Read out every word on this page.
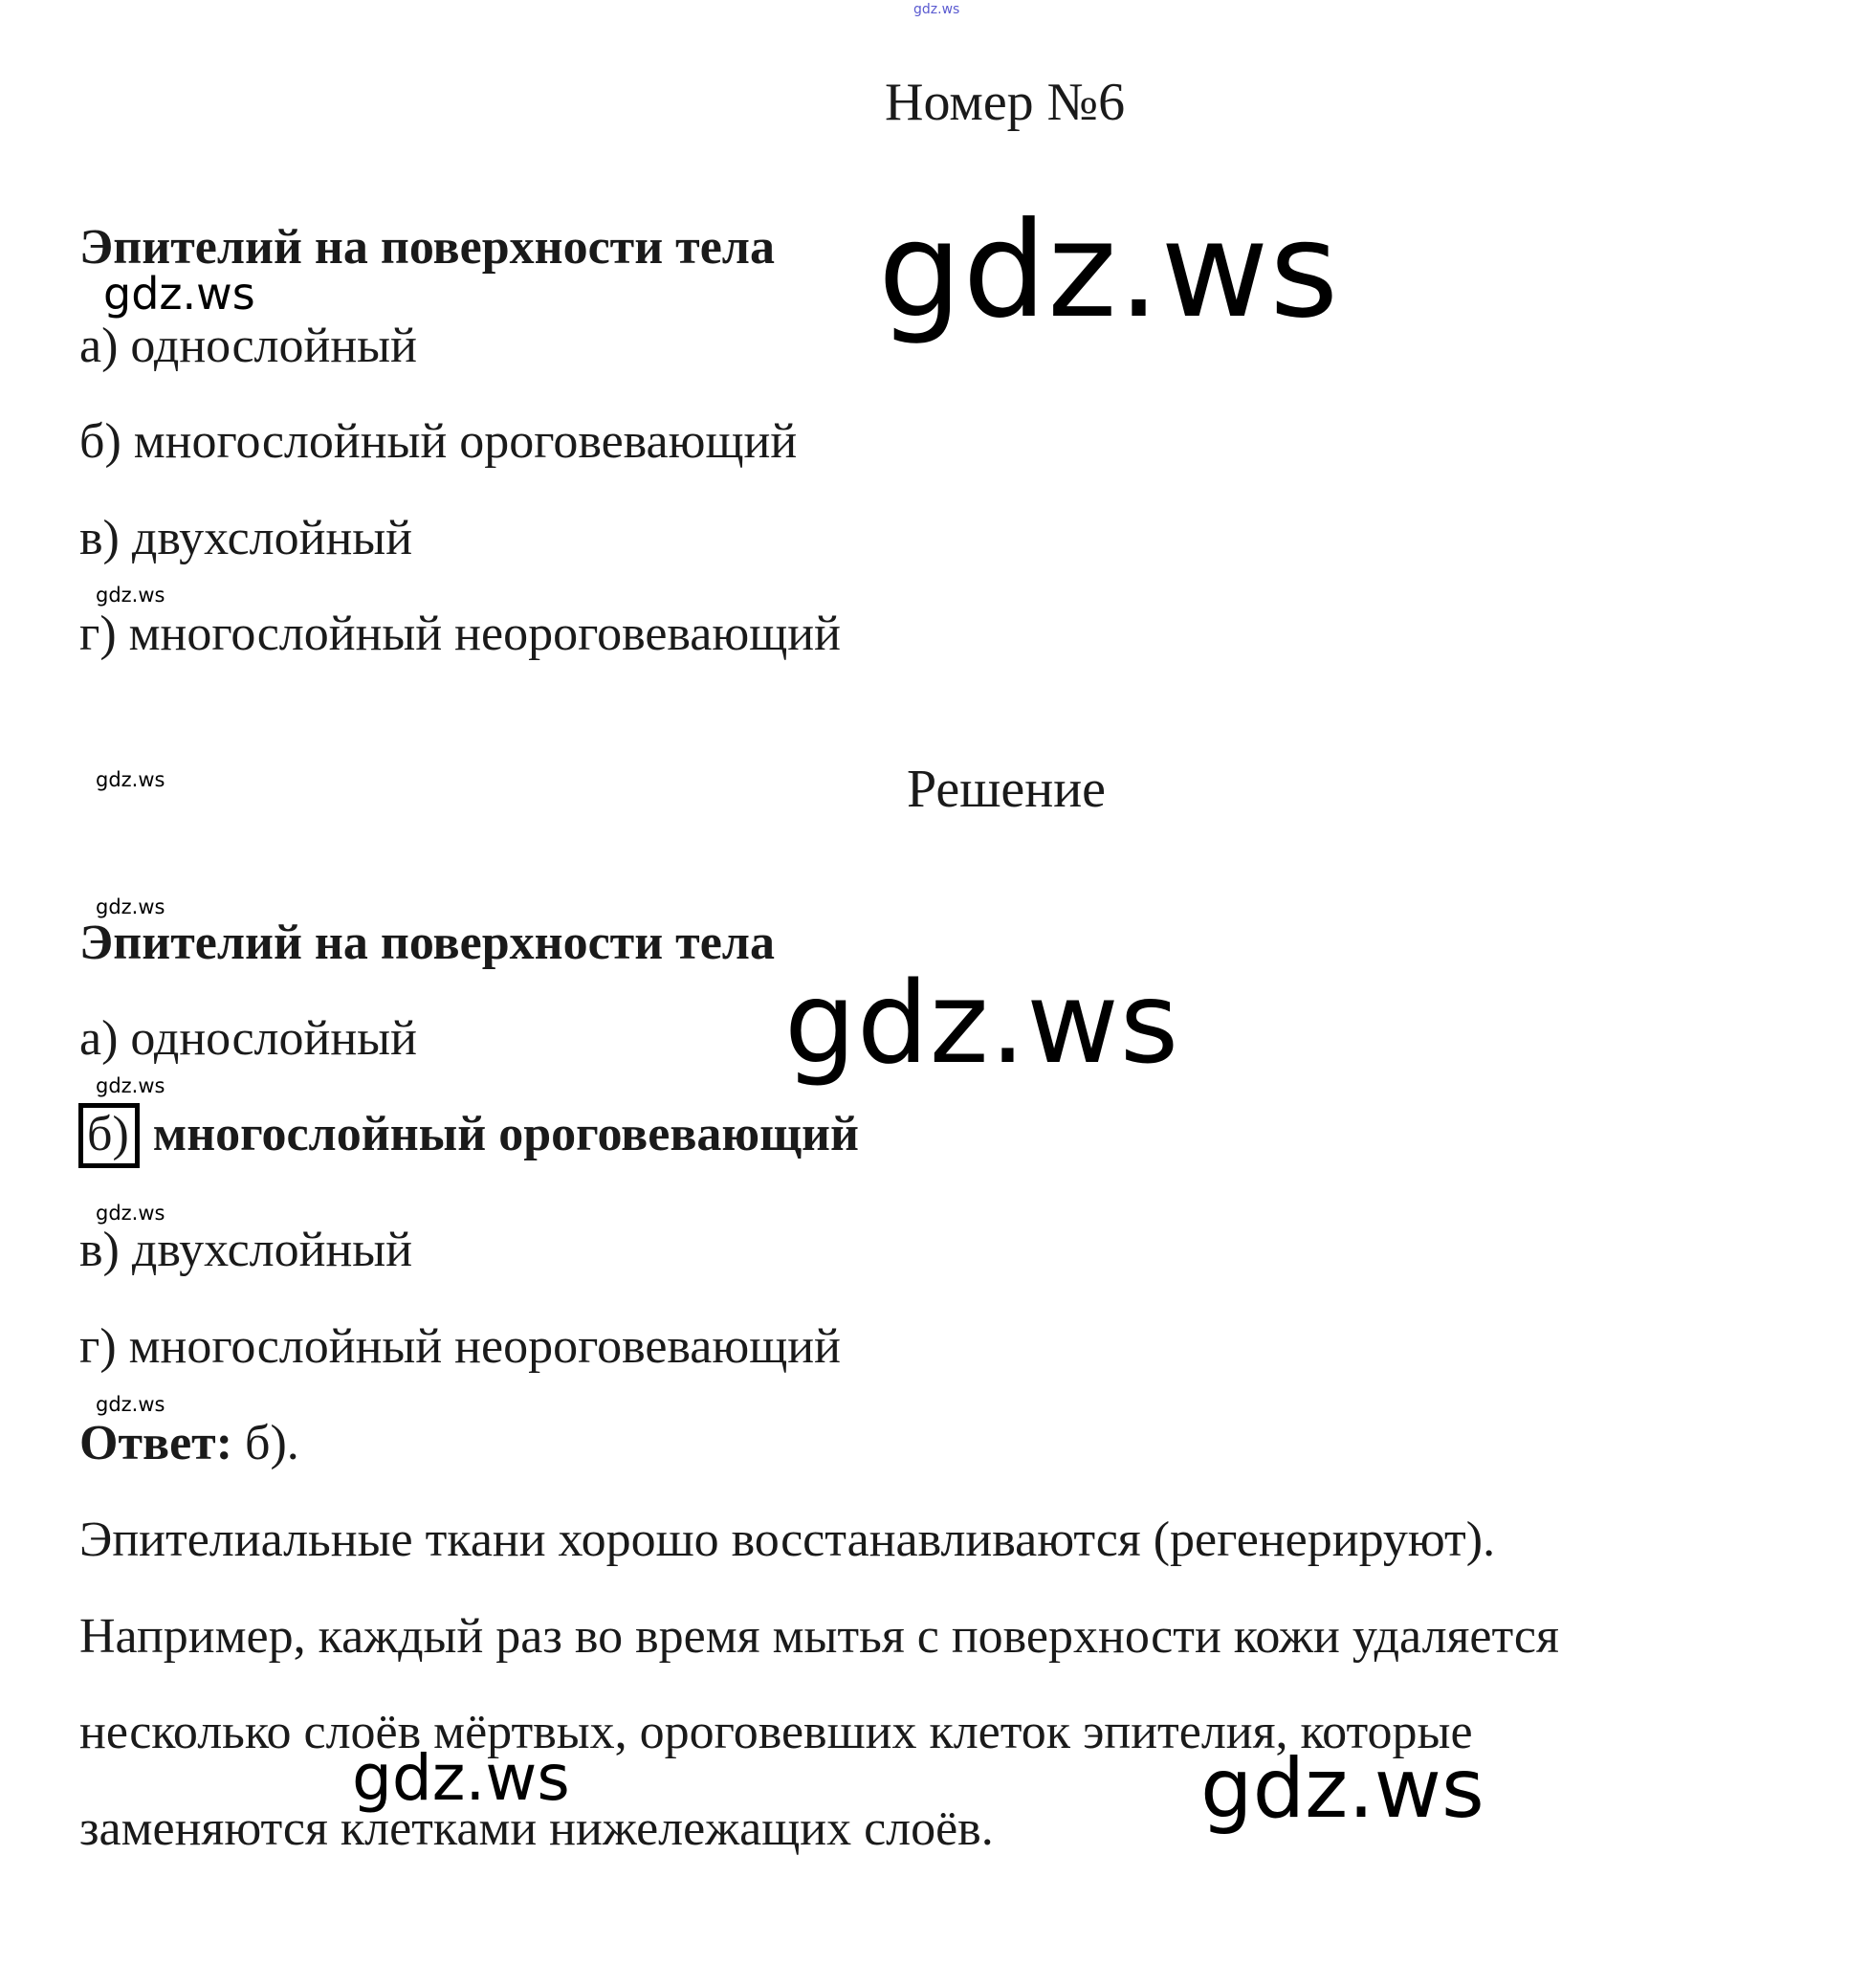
gdz.ws
gdz.ws
gdz.ws
gdz.ws
gdz.ws
gdz.ws
gdz.ws
gdz.ws
gdz.ws
gdz.ws
gdz.ws	gdz.ws
Номер №6
Эпителий на поверхности тела
а) однослойный
б) многослойный ороговевающий
в) двухслойный
г) многослойный неороговевающий
Решение
Эпителий на поверхности тела
а) однослойный
б) многослойный ороговевающий
в) двухслойный
г) многослойный неороговевающий
Ответ: б).
Эпителиальные ткани хорошо восстанавливаются (регенерируют).
Например, каждый раз во время мытья с поверхности кожи удаляется
несколько слоёв мёртвых, ороговевших клеток эпителия, которые
заменяются клетками нижележащих слоёв.
